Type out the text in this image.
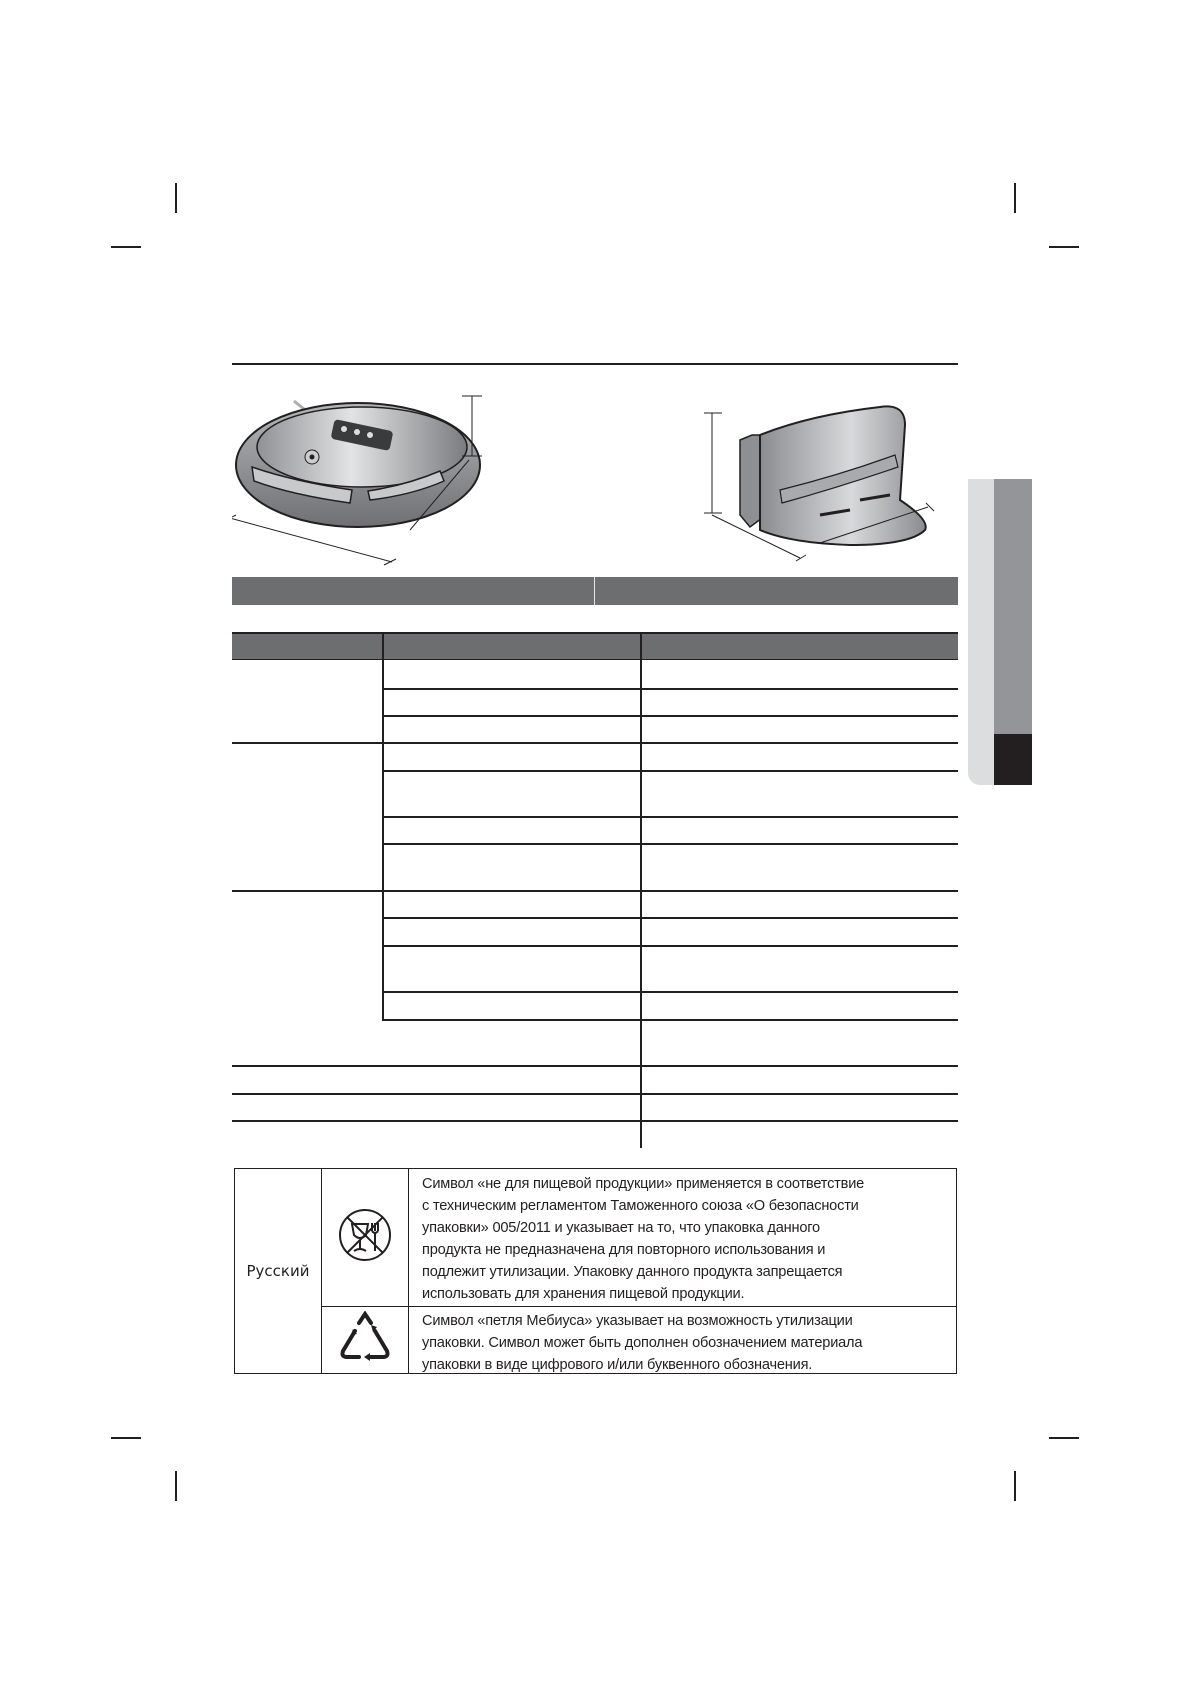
Русский
Символ «не для пищевой продукции» применяется в соответствие
с техническим регламентом Таможенного союза «О безопасности
упаковки» 005/2011 и указывает на то, что упаковка данного
продукта не предназначена для повторного использования и
подлежит утилизации. Упаковку данного продукта запрещается
использовать для хранения пищевой продукции.
Символ «петля Мебиуса» указывает на возможность утилизации
упаковки. Символ может быть дополнен обозначением материала
упаковки в виде цифрового и/или буквенного обозначения.
